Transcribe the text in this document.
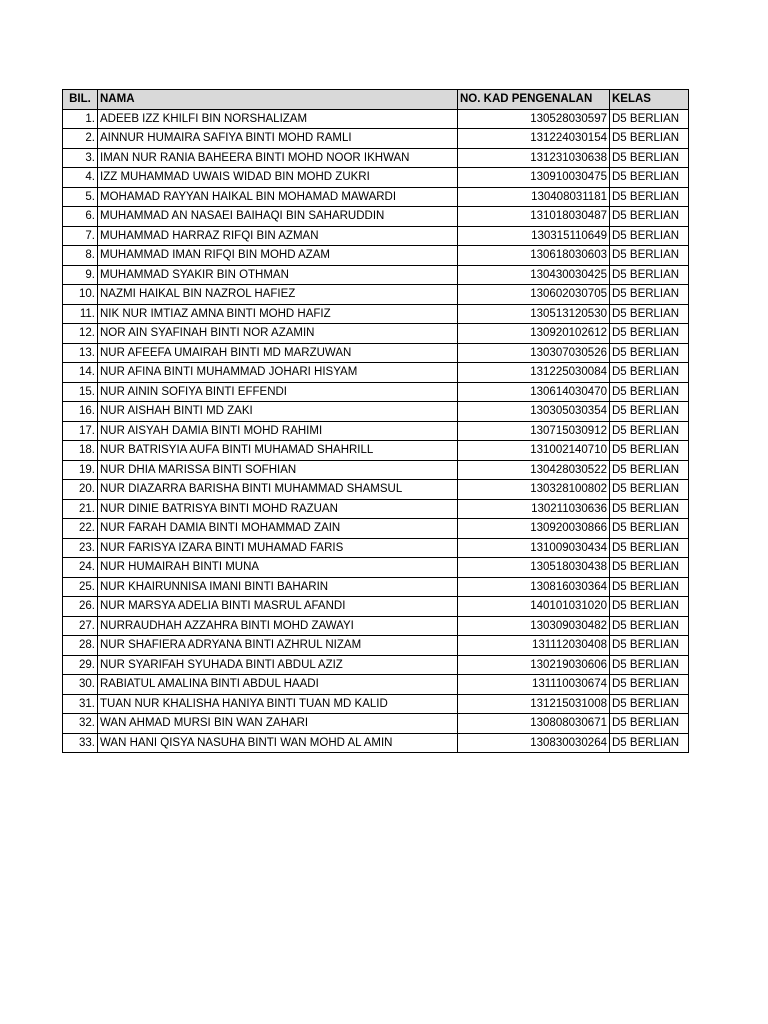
BIL.	NAMA	NO. KAD PENGENALAN	KELAS
1.	ADEEB IZZ KHILFI BIN NORSHALIZAM	130528030597	D5 BERLIAN
2.	AINNUR HUMAIRA SAFIYA BINTI MOHD RAMLI	131224030154	D5 BERLIAN
3.	IMAN NUR RANIA BAHEERA BINTI MOHD NOOR IKHWAN	131231030638	D5 BERLIAN
4.	IZZ MUHAMMAD UWAIS WIDAD BIN MOHD ZUKRI	130910030475	D5 BERLIAN
5.	MOHAMAD RAYYAN HAIKAL BIN MOHAMAD MAWARDI	130408031181	D5 BERLIAN
6.	MUHAMMAD AN NASAEI BAIHAQI BIN SAHARUDDIN	131018030487	D5 BERLIAN
7.	MUHAMMAD HARRAZ RIFQI BIN AZMAN	130315110649	D5 BERLIAN
8.	MUHAMMAD IMAN RIFQI BIN MOHD AZAM	130618030603	D5 BERLIAN
9.	MUHAMMAD SYAKIR BIN OTHMAN	130430030425	D5 BERLIAN
10.	NAZMI HAIKAL BIN NAZROL HAFIEZ	130602030705	D5 BERLIAN
11.	NIK NUR IMTIAZ AMNA BINTI MOHD HAFIZ	130513120530	D5 BERLIAN
12.	NOR AIN SYAFINAH BINTI NOR AZAMIN	130920102612	D5 BERLIAN
13.	NUR AFEEFA UMAIRAH BINTI MD MARZUWAN	130307030526	D5 BERLIAN
14.	NUR AFINA BINTI MUHAMMAD JOHARI HISYAM	131225030084	D5 BERLIAN
15.	NUR AININ SOFIYA BINTI EFFENDI	130614030470	D5 BERLIAN
16.	NUR AISHAH BINTI MD ZAKI	130305030354	D5 BERLIAN
17.	NUR AISYAH DAMIA BINTI MOHD RAHIMI	130715030912	D5 BERLIAN
18.	NUR BATRISYIA AUFA BINTI MUHAMAD SHAHRILL	131002140710	D5 BERLIAN
19.	NUR DHIA MARISSA BINTI SOFHIAN	130428030522	D5 BERLIAN
20.	NUR DIAZARRA BARISHA BINTI MUHAMMAD SHAMSUL	130328100802	D5 BERLIAN
21.	NUR DINIE BATRISYA BINTI MOHD RAZUAN	130211030636	D5 BERLIAN
22.	NUR FARAH DAMIA BINTI MOHAMMAD ZAIN	130920030866	D5 BERLIAN
23.	NUR FARISYA IZARA BINTI MUHAMAD FARIS	131009030434	D5 BERLIAN
24.	NUR HUMAIRAH BINTI MUNA	130518030438	D5 BERLIAN
25.	NUR KHAIRUNNISA IMANI BINTI BAHARIN	130816030364	D5 BERLIAN
26.	NUR MARSYA ADELIA BINTI MASRUL AFANDI	140101031020	D5 BERLIAN
27.	NURRAUDHAH AZZAHRA BINTI MOHD ZAWAYI	130309030482	D5 BERLIAN
28.	NUR SHAFIERA ADRYANA BINTI AZHRUL NIZAM	131112030408	D5 BERLIAN
29.	NUR SYARIFAH SYUHADA BINTI ABDUL AZIZ	130219030606	D5 BERLIAN
30.	RABIATUL AMALINA BINTI ABDUL HAADI	131110030674	D5 BERLIAN
31.	TUAN NUR KHALISHA HANIYA BINTI TUAN MD KALID	131215031008	D5 BERLIAN
32.	WAN AHMAD MURSI BIN WAN ZAHARI	130808030671	D5 BERLIAN
33.	WAN HANI QISYA NASUHA BINTI WAN MOHD AL AMIN	130830030264	D5 BERLIAN
